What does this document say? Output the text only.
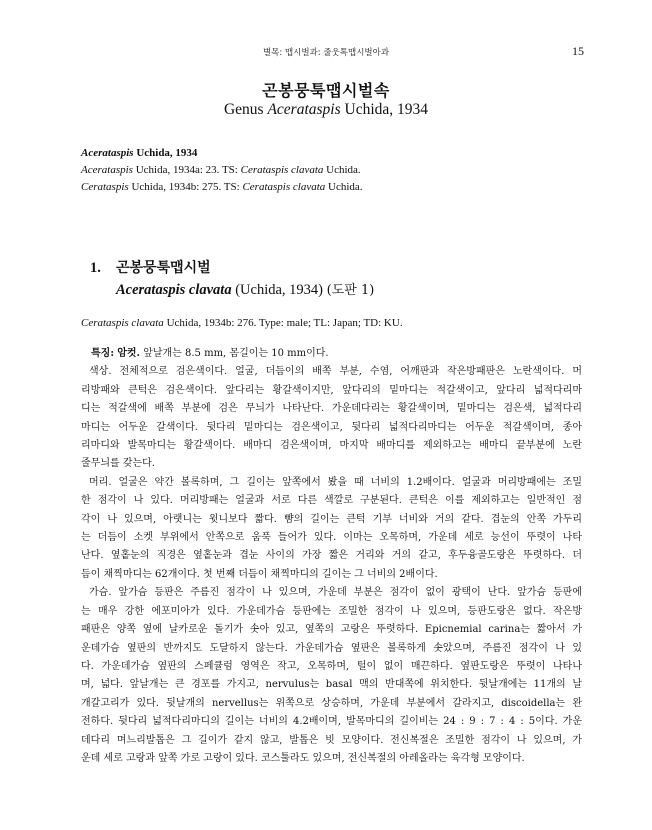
별목: 맵시벌과: 줄웃톡맵시벌아과	15
곤봉뭉툭맵시벌속
Genus Acerataspis Uchida, 1934
Acerataspis Uchida, 1934
Acerataspis Uchida, 1934a: 23. TS: Cerataspis clavata Uchida.
Cerataspis Uchida, 1934b: 275. TS: Cerataspis clavata Uchida.
1. 곤봉뭉툭맵시벌
Acerataspis clavata (Uchida, 1934) (도판 1)
Cerataspis clavata Uchida, 1934b: 276. Type: male; TL: Japan; TD: KU.
특징: 암컷. 앞날개는 8.5 mm, 몸길이는 10 mm이다.
색상. 전체적으로 검은색이다. 얼굴, 더듬이의 배쪽 부분, 수염, 어깨판과 작은방패판은 노란색이다. 머
리방패와 큰턱은 검은색이다. 앞다리는 황갈색이지만, 앞다리의 밑마디는 적갈색이고, 앞다리 넓적다리마
디는 적갈색에 배쪽 부분에 검은 무늬가 나타난다. 가운데다리는 황갈색이며, 밑마디는 검은색, 넓적다리
마디는 어두운 갈색이다. 뒷다리 밑마디는 검은색이고, 뒷다리 넓적다리마디는 어두운 적갈색이며, 종아
리마디와 발목마디는 황갈색이다. 배마디 검은색이며, 마지막 배마디를 제외하고는 배마디 끝부분에 노란
줄무늬를 갖는다.
머리. 얼굴은 약간 볼록하며, 그 길이는 앞쪽에서 봤을 때 너비의 1.2배이다. 얼굴과 머리방패에는 조밀
한 점각이 나 있다. 머리방패는 얼굴과 서로 다른 색깔로 구분된다. 큰턱은 이를 제외하고는 일반적인 점
각이 나 있으며, 아랫니는 윗니보다 짧다. 뺨의 길이는 큰턱 기부 너비와 거의 같다. 겹눈의 안쪽 가두리
는 더듬이 소켓 부위에서 안쪽으로 움푹 들어가 있다. 이마는 오목하며, 가운데 세로 능선이 뚜렷이 나타
난다. 옆홑눈의 직경은 옆홑눈과 겹눈 사이의 가장 짧은 거리와 거의 같고, 후두융골도랑은 뚜렷하다. 더
듬이 채찍마디는 62개이다. 첫 번째 더듬이 채찍마디의 길이는 그 너비의 2배이다.
가슴. 앞가슴 등판은 주름진 점각이 나 있으며, 가운데 부분은 점각이 없이 광택이 난다. 앞가슴 등판에
는 매우 강한 에포미아가 있다. 가운데가슴 등판에는 조밀한 점각이 나 있으며, 등판도랑은 없다. 작은방
패판은 양쪽 옆에 날카로운 돌기가 솟아 있고, 옆쪽의 고랑은 뚜렷하다. Epicnemial carina는 짧아서 가
운데가슴 옆판의 반까지도 도달하지 않는다. 가운데가슴 옆판은 볼록하게 솟았으며, 주름진 점각이 나 있
다. 가운데가슴 옆판의 스페큘럼 영역은 작고, 오목하며, 털이 없이 매끈하다. 옆판도랑은 뚜렷이 나타나
며, 넓다. 앞날개는 큰 경포를 가지고, nervulus는 basal 맥의 반대쪽에 위치한다. 뒷날개에는 11개의 날
개갈고리가 있다. 뒷날개의 nervellus는 위쪽으로 상승하며, 가운데 부분에서 갈라지고, discoidella는 완
전하다. 뒷다리 넓적다리마디의 길이는 너비의 4.2배이며, 발목마디의 길이비는 24 : 9 : 7 : 4 : 5이다. 가운
데다리 며느리발톱은 그 길이가 같지 않고, 발톱은 빗 모양이다. 전신복절은 조밀한 점각이 나 있으며, 가
운데 세로 고랑과 앞쪽 가로 고랑이 있다. 코스툴라도 있으며, 전신복절의 아레올라는 육각형 모양이다.
